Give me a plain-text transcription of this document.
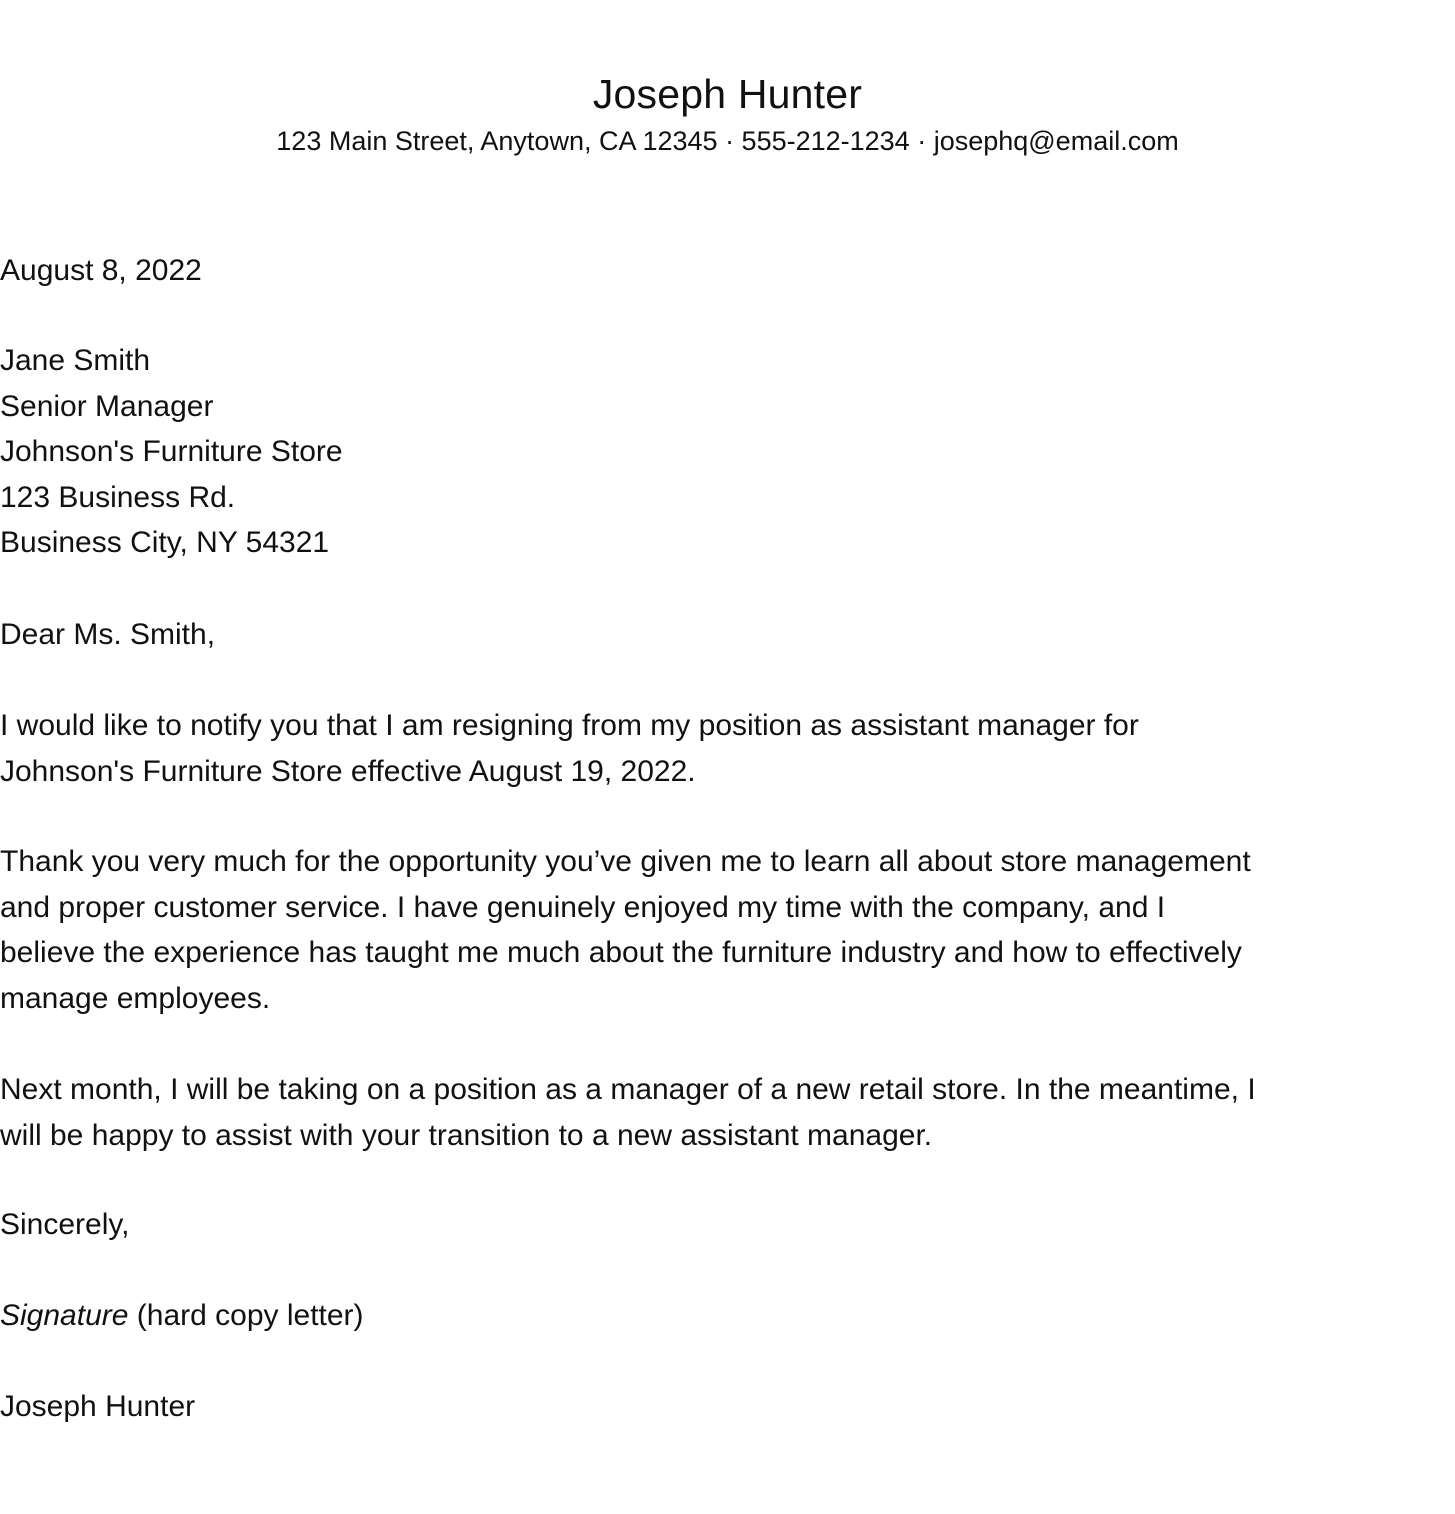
Joseph Hunter
123 Main Street, Anytown, CA 12345 · 555-212-1234 · josephq@email.com
August 8, 2022
Jane Smith
Senior Manager
Johnson's Furniture Store
123 Business Rd.
Business City, NY 54321
Dear Ms. Smith,
I would like to notify you that I am resigning from my position as assistant manager for
Johnson's Furniture Store effective August 19, 2022.
Thank you very much for the opportunity you’ve given me to learn all about store management
and proper customer service. I have genuinely enjoyed my time with the company, and I
believe the experience has taught me much about the furniture industry and how to effectively
manage employees.
Next month, I will be taking on a position as a manager of a new retail store. In the meantime, I
will be happy to assist with your transition to a new assistant manager.
Sincerely,
Signature (hard copy letter)
Joseph Hunter
